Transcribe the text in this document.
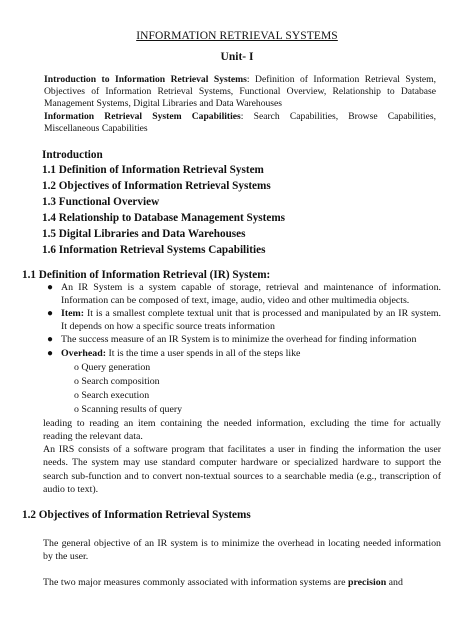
INFORMATION RETRIEVAL SYSTEMS
Unit- I
Introduction to Information Retrieval Systems: Definition of Information Retrieval System, Objectives of Information Retrieval Systems, Functional Overview, Relationship to Database Management Systems, Digital Libraries and Data Warehouses
Information Retrieval System Capabilities: Search Capabilities, Browse Capabilities, Miscellaneous Capabilities
Introduction
1.1 Definition of Information Retrieval System
1.2 Objectives of Information Retrieval Systems
1.3 Functional Overview
1.4 Relationship to Database Management Systems
1.5 Digital Libraries and Data Warehouses
1.6 Information Retrieval Systems Capabilities
1.1 Definition of Information Retrieval (IR) System:
● An IR System is a system capable of storage, retrieval and maintenance of information. Information can be composed of text, image, audio, video and other multimedia objects.
● Item: It is a smallest complete textual unit that is processed and manipulated by an IR system. It depends on how a specific source treats information
● The success measure of an IR System is to minimize the overhead for finding information
● Overhead: It is the time a user spends in all of the steps like
o Query generation
o Search composition
o Search execution
o Scanning results of query
leading to reading an item containing the needed information, excluding the time for actually reading the relevant data.
An IRS consists of a software program that facilitates a user in finding the information the user needs. The system may use standard computer hardware or specialized hardware to support the search sub-function and to convert non-textual sources to a searchable media (e.g., transcription of audio to text).
1.2 Objectives of Information Retrieval Systems
The general objective of an IR system is to minimize the overhead in locating needed information by the user.
The two major measures commonly associated with information systems are precision and
